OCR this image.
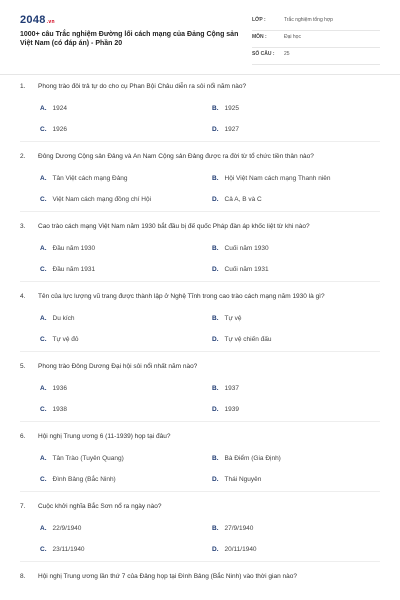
2048.vn
1000+ câu Trắc nghiệm Đường lối cách mạng của Đảng Cộng sản Việt Nam (có đáp án) - Phần 20
LỚP :	Trắc nghiệm tổng hợp
MÔN :	Đại học
SỐ CÂU : 25
1. Phong trào đôi trả tự do cho cụ Phan Bội Châu diễn ra sôi nổi năm nào?
A. 1924	B. 1925
C. 1926	D. 1927
2. Đông Dương Cộng sản Đảng và An Nam Cộng sản Đảng được ra đời từ tổ chức tiền thân nào?
A. Tân Việt cách mạng Đảng	B. Hội Việt Nam cách mạng Thanh niên
C. Việt Nam cách mạng đồng chí Hội	D. Cả A, B và C
3. Cao trào cách mạng Việt Nam năm 1930 bắt đầu bị đế quốc Pháp đàn áp khốc liệt từ khi nào?
A. Đầu năm 1930	B. Cuối năm 1930
C. Đầu năm 1931	D. Cuối năm 1931
4. Tên của lực lượng vũ trang được thành lập ở Nghệ Tĩnh trong cao trào cách mạng năm 1930 là gì?
A. Du kích	B. Tự vệ
C. Tự vệ đỏ	D. Tự vệ chiến đấu
5. Phong trào Đông Dương Đại hội sôi nổi nhất năm nào?
A. 1936	B. 1937
C. 1938	D. 1939
6. Hội nghị Trung ương 6 (11-1939) họp tại đâu?
A. Tân Trào (Tuyên Quang)	B. Bà Điểm (Gia Định)
C. Đình Bảng (Bắc Ninh)	D. Thái Nguyên
7. Cuộc khởi nghĩa Bắc Sơn nổ ra ngày nào?
A. 22/9/1940	B. 27/9/1940
C. 23/11/1940	D. 20/11/1940
8. Hội nghị Trung ương lần thứ 7 của Đảng họp tại Đình Bảng (Bắc Ninh) vào thời gian nào?
